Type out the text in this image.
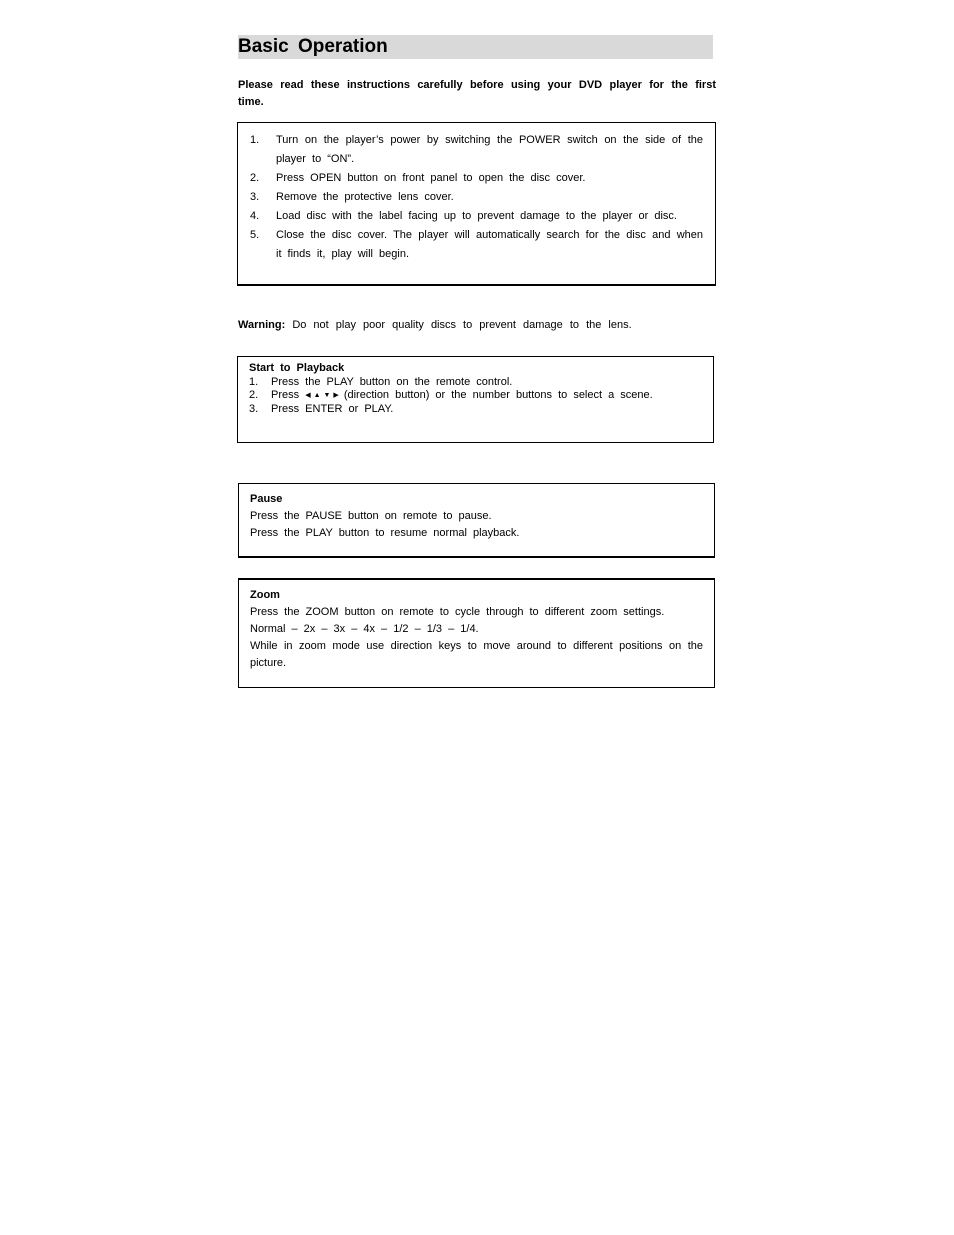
Basic Operation
Please read these instructions carefully before using your DVD player for the first time.
1.	Turn on the player’s power by switching the POWER switch on the side of the player to “ON”.
2.	Press OPEN button on front panel to open the disc cover.
3.	Remove the protective lens cover.
4.	Load disc with the label facing up to prevent damage to the player or disc.
5.	Close the disc cover. The player will automatically search for the disc and when it finds it, play will begin.
Warning: Do not play poor quality discs to prevent damage to the lens.
Start to Playback
1.	Press the PLAY button on the remote control.
2.	Press ◀▲▼▶ (direction button) or the number buttons to select a scene.
3.	Press ENTER or PLAY.
Pause
Press the PAUSE button on remote to pause.
Press the PLAY button to resume normal playback.
Zoom
Press the ZOOM button on remote to cycle through to different zoom settings.
Normal – 2x – 3x – 4x – 1/2 – 1/3 – 1/4.
While in zoom mode use direction keys to move around to different positions on the picture.
